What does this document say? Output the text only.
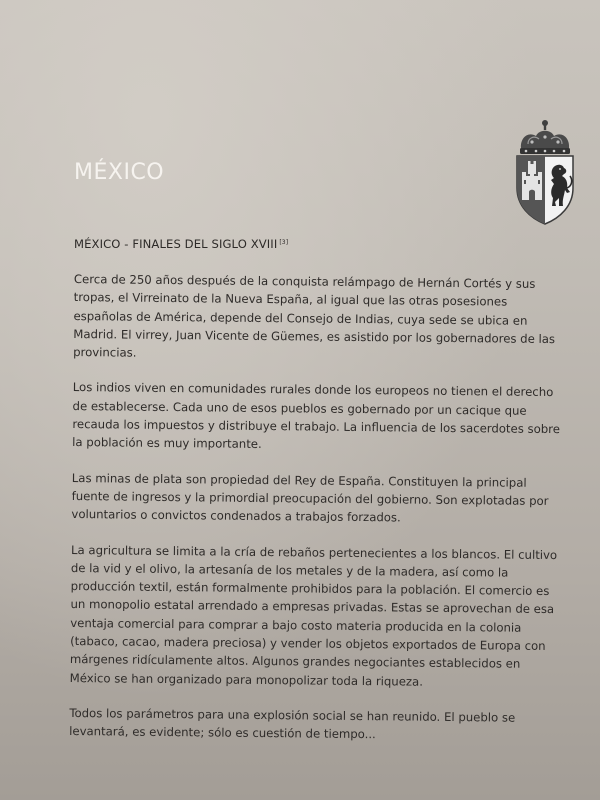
MÉXICO
MÉXICO - FINALES DEL SIGLO XVIII [3]

Cerca de 250 años después de la conquista relámpago de Hernán Cortés y sus tropas, el Virreinato de la Nueva España, al igual que las otras posesiones españolas de América, depende del Consejo de Indias, cuya sede se ubica en Madrid. El virrey, Juan Vicente de Güemes, es asistido por los gobernadores de las provincias.

Los indios viven en comunidades rurales donde los europeos no tienen el derecho de establecerse. Cada uno de esos pueblos es gobernado por un cacique que recauda los impuestos y distribuye el trabajo. La influencia de los sacerdotes sobre la población es muy importante.

Las minas de plata son propiedad del Rey de España. Constituyen la principal fuente de ingresos y la primordial preocupación del gobierno. Son explotadas por voluntarios o convictos condenados a trabajos forzados.

La agricultura se limita a la cría de rebaños pertenecientes a los blancos. El cultivo de la vid y el olivo, la artesanía de los metales y de la madera, así como la producción textil, están formalmente prohibidos para la población. El comercio es un monopolio estatal arrendado a empresas privadas. Estas se aprovechan de esa ventaja comercial para comprar a bajo costo materia producida en la colonia (tabaco, cacao, madera preciosa) y vender los objetos exportados de Europa con márgenes ridículamente altos. Algunos grandes negociantes establecidos en México se han organizado para monopolizar toda la riqueza.

Todos los parámetros para una explosión social se han reunido. El pueblo se levantará, es evidente; sólo es cuestión de tiempo...
